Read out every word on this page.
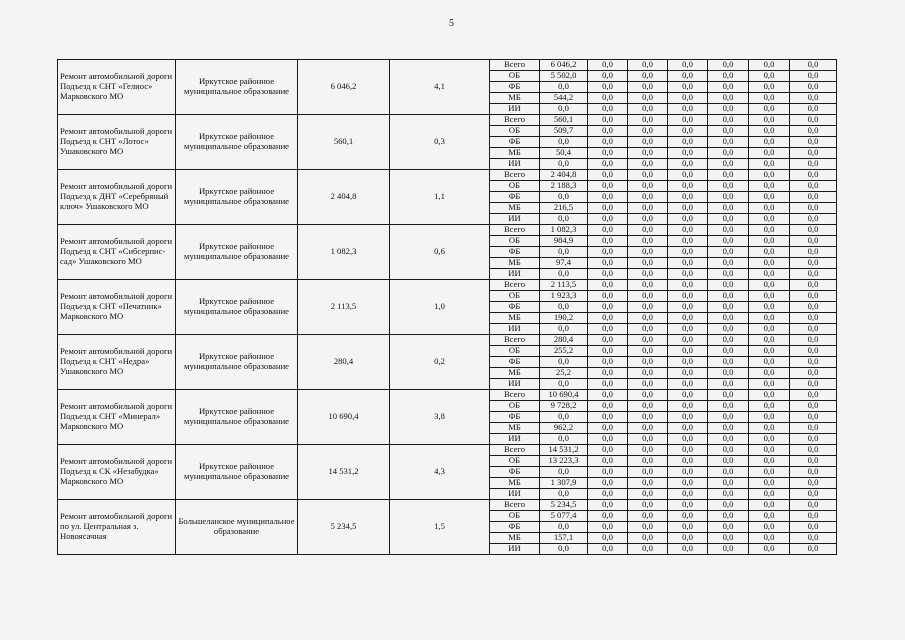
5
Ремонт автомобильной дороги Подъезд к СНТ «Гелиос» Марковского МО	Иркутское районное муниципальное образование	6 046,2	4,1	Всего	6 046,2	0,0	0,0	0,0	0,0	0,0	0,0
				ОБ	5 502,0	0,0	0,0	0,0	0,0	0,0	0,0
				ФБ	0,0	0,0	0,0	0,0	0,0	0,0	0,0
				МБ	544,2	0,0	0,0	0,0	0,0	0,0	0,0
				ИИ	0,0	0,0	0,0	0,0	0,0	0,0	0,0
Ремонт автомобильной дороги Подъезд к СНТ «Лотос» Ушаковского МО	Иркутское районное муниципальное образование	560,1	0,3	Всего	560,1	0,0	0,0	0,0	0,0	0,0	0,0
				ОБ	509,7	0,0	0,0	0,0	0,0	0,0	0,0
				ФБ	0,0	0,0	0,0	0,0	0,0	0,0	0,0
				МБ	50,4	0,0	0,0	0,0	0,0	0,0	0,0
				ИИ	0,0	0,0	0,0	0,0	0,0	0,0	0,0
Ремонт автомобильной дороги Подъезд к ДНТ «Серебряный ключ» Ушаковского МО	Иркутское районное муниципальное образование	2 404,8	1,1	Всего	2 404,8	0,0	0,0	0,0	0,0	0,0	0,0
				ОБ	2 188,3	0,0	0,0	0,0	0,0	0,0	0,0
				ФБ	0,0	0,0	0,0	0,0	0,0	0,0	0,0
				МБ	216,5	0,0	0,0	0,0	0,0	0,0	0,0
				ИИ	0,0	0,0	0,0	0,0	0,0	0,0	0,0
Ремонт автомобильной дороги Подъезд к СНТ «Сибсерпис-сад» Ушаковского МО	Иркутское районное муниципальное образование	1 082,3	0,6	Всего	1 082,3	0,0	0,0	0,0	0,0	0,0	0,0
				ОБ	984,9	0,0	0,0	0,0	0,0	0,0	0,0
				ФБ	0,0	0,0	0,0	0,0	0,0	0,0	0,0
				МБ	97,4	0,0	0,0	0,0	0,0	0,0	0,0
				ИИ	0,0	0,0	0,0	0,0	0,0	0,0	0,0
Ремонт автомобильной дороги Подъезд к СНТ «Печатник» Марковского МО	Иркутское районное муниципальное образование	2 113,5	1,0	Всего	2 113,5	0,0	0,0	0,0	0,0	0,0	0,0
				ОБ	1 923,3	0,0	0,0	0,0	0,0	0,0	0,0
				ФБ	0,0	0,0	0,0	0,0	0,0	0,0	0,0
				МБ	190,2	0,0	0,0	0,0	0,0	0,0	0,0
				ИИ	0,0	0,0	0,0	0,0	0,0	0,0	0,0
Ремонт автомобильной дороги Подъезд к СНТ «Недра» Ушаковского МО	Иркутское районное муниципальное образование	280,4	0,2	Всего	280,4	0,0	0,0	0,0	0,0	0,0	0,0
				ОБ	255,2	0,0	0,0	0,0	0,0	0,0	0,0
				ФБ	0,0	0,0	0,0	0,0	0,0	0,0	0,0
				МБ	25,2	0,0	0,0	0,0	0,0	0,0	0,0
				ИИ	0,0	0,0	0,0	0,0	0,0	0,0	0,0
Ремонт автомобильной дороги Подъезд к СНТ «Минерал» Марковского МО	Иркутское районное муниципальное образование	10 690,4	3,8	Всего	10 690,4	0,0	0,0	0,0	0,0	0,0	0,0
				ОБ	9 728,2	0,0	0,0	0,0	0,0	0,0	0,0
				ФБ	0,0	0,0	0,0	0,0	0,0	0,0	0,0
				МБ	962,2	0,0	0,0	0,0	0,0	0,0	0,0
				ИИ	0,0	0,0	0,0	0,0	0,0	0,0	0,0
Ремонт автомобильной дороги Подъезд к СК «Незабудка» Марковского МО	Иркутское районное муниципальное образование	14 531,2	4,3	Всего	14 531,2	0,0	0,0	0,0	0,0	0,0	0,0
				ОБ	13 223,3	0,0	0,0	0,0	0,0	0,0	0,0
				ФБ	0,0	0,0	0,0	0,0	0,0	0,0	0,0
				МБ	1 307,9	0,0	0,0	0,0	0,0	0,0	0,0
				ИИ	0,0	0,0	0,0	0,0	0,0	0,0	0,0
Ремонт автомобильной дороги по ул. Центральная з. Новоясачная	Большеланское муниципальное образование	5 234,5	1,5	Всего	5 234,5	0,0	0,0	0,0	0,0	0,0	0,0
				ОБ	5 077,4	0,0	0,0	0,0	0,0	0,0	0,0
				ФБ	0,0	0,0	0,0	0,0	0,0	0,0	0,0
				МБ	157,1	0,0	0,0	0,0	0,0	0,0	0,0
				ИИ	0,0	0,0	0,0	0,0	0,0	0,0	0,0
